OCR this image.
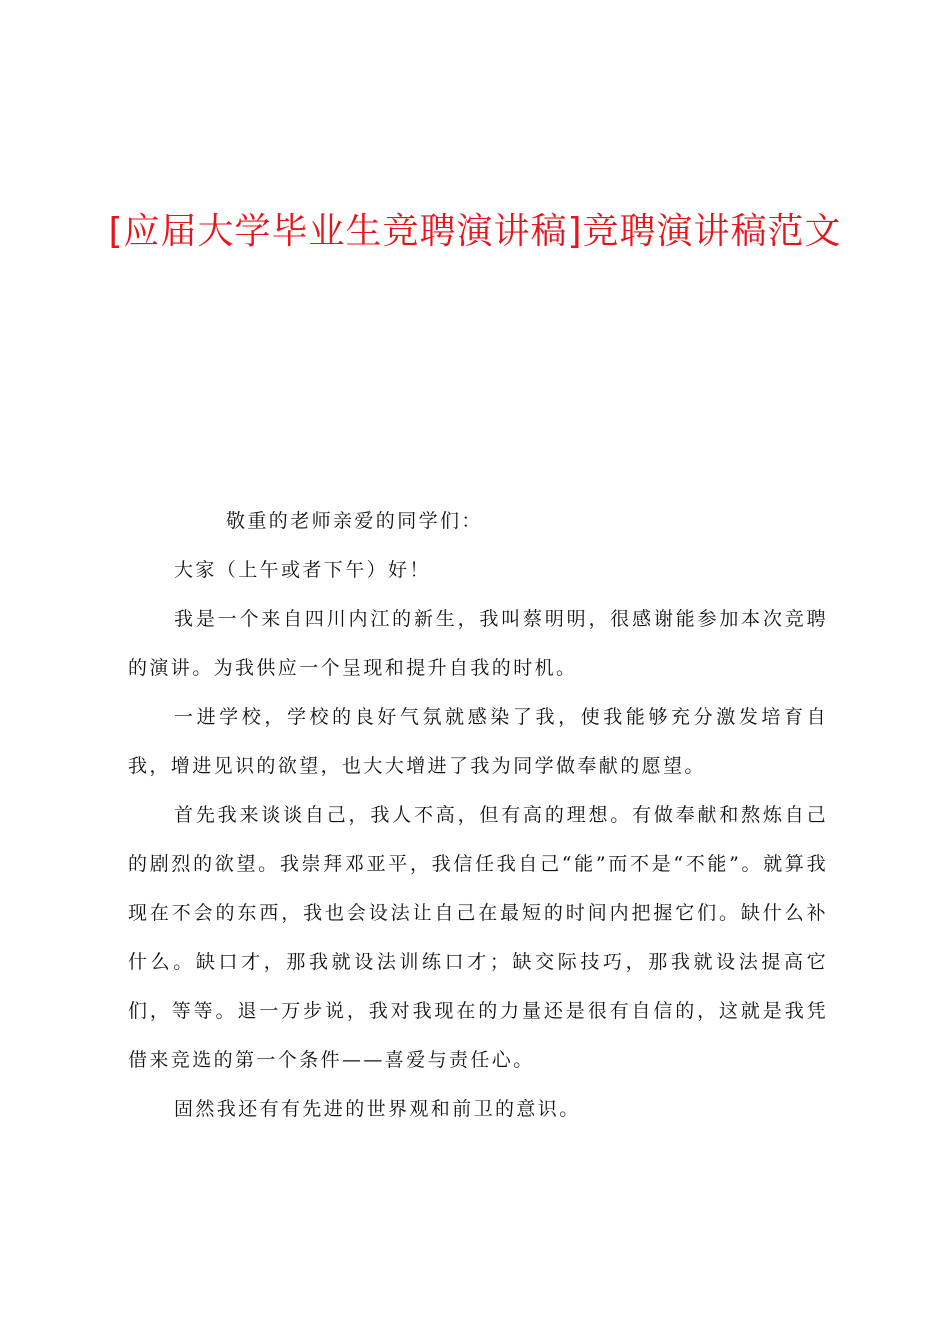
[应届大学毕业生竞聘演讲稿]竞聘演讲稿范文

敬重的老师亲爱的同学们：

大家（上午或者下午）好！

我是一个来自四川内江的新生，我叫蔡明明，很感谢能参加本次竞聘的演讲。为我供应一个呈现和提升自我的时机。

一进学校，学校的良好气氛就感染了我，使我能够充分激发培育自我，增进见识的欲望，也大大增进了我为同学做奉献的愿望。

首先我来谈谈自己，我人不高，但有高的理想。有做奉献和熬炼自己的剧烈的欲望。我崇拜邓亚平，我信任我自己“能”而不是“不能”。就算我现在不会的东西，我也会设法让自己在最短的时间内把握它们。缺什么补什么。缺口才，那我就设法训练口才；缺交际技巧，那我就设法提高它们，等等。退一万步说，我对我现在的力量还是很有自信的，这就是我凭借来竞选的第一个条件——喜爱与责任心。

固然我还有有先进的世界观和前卫的意识。
